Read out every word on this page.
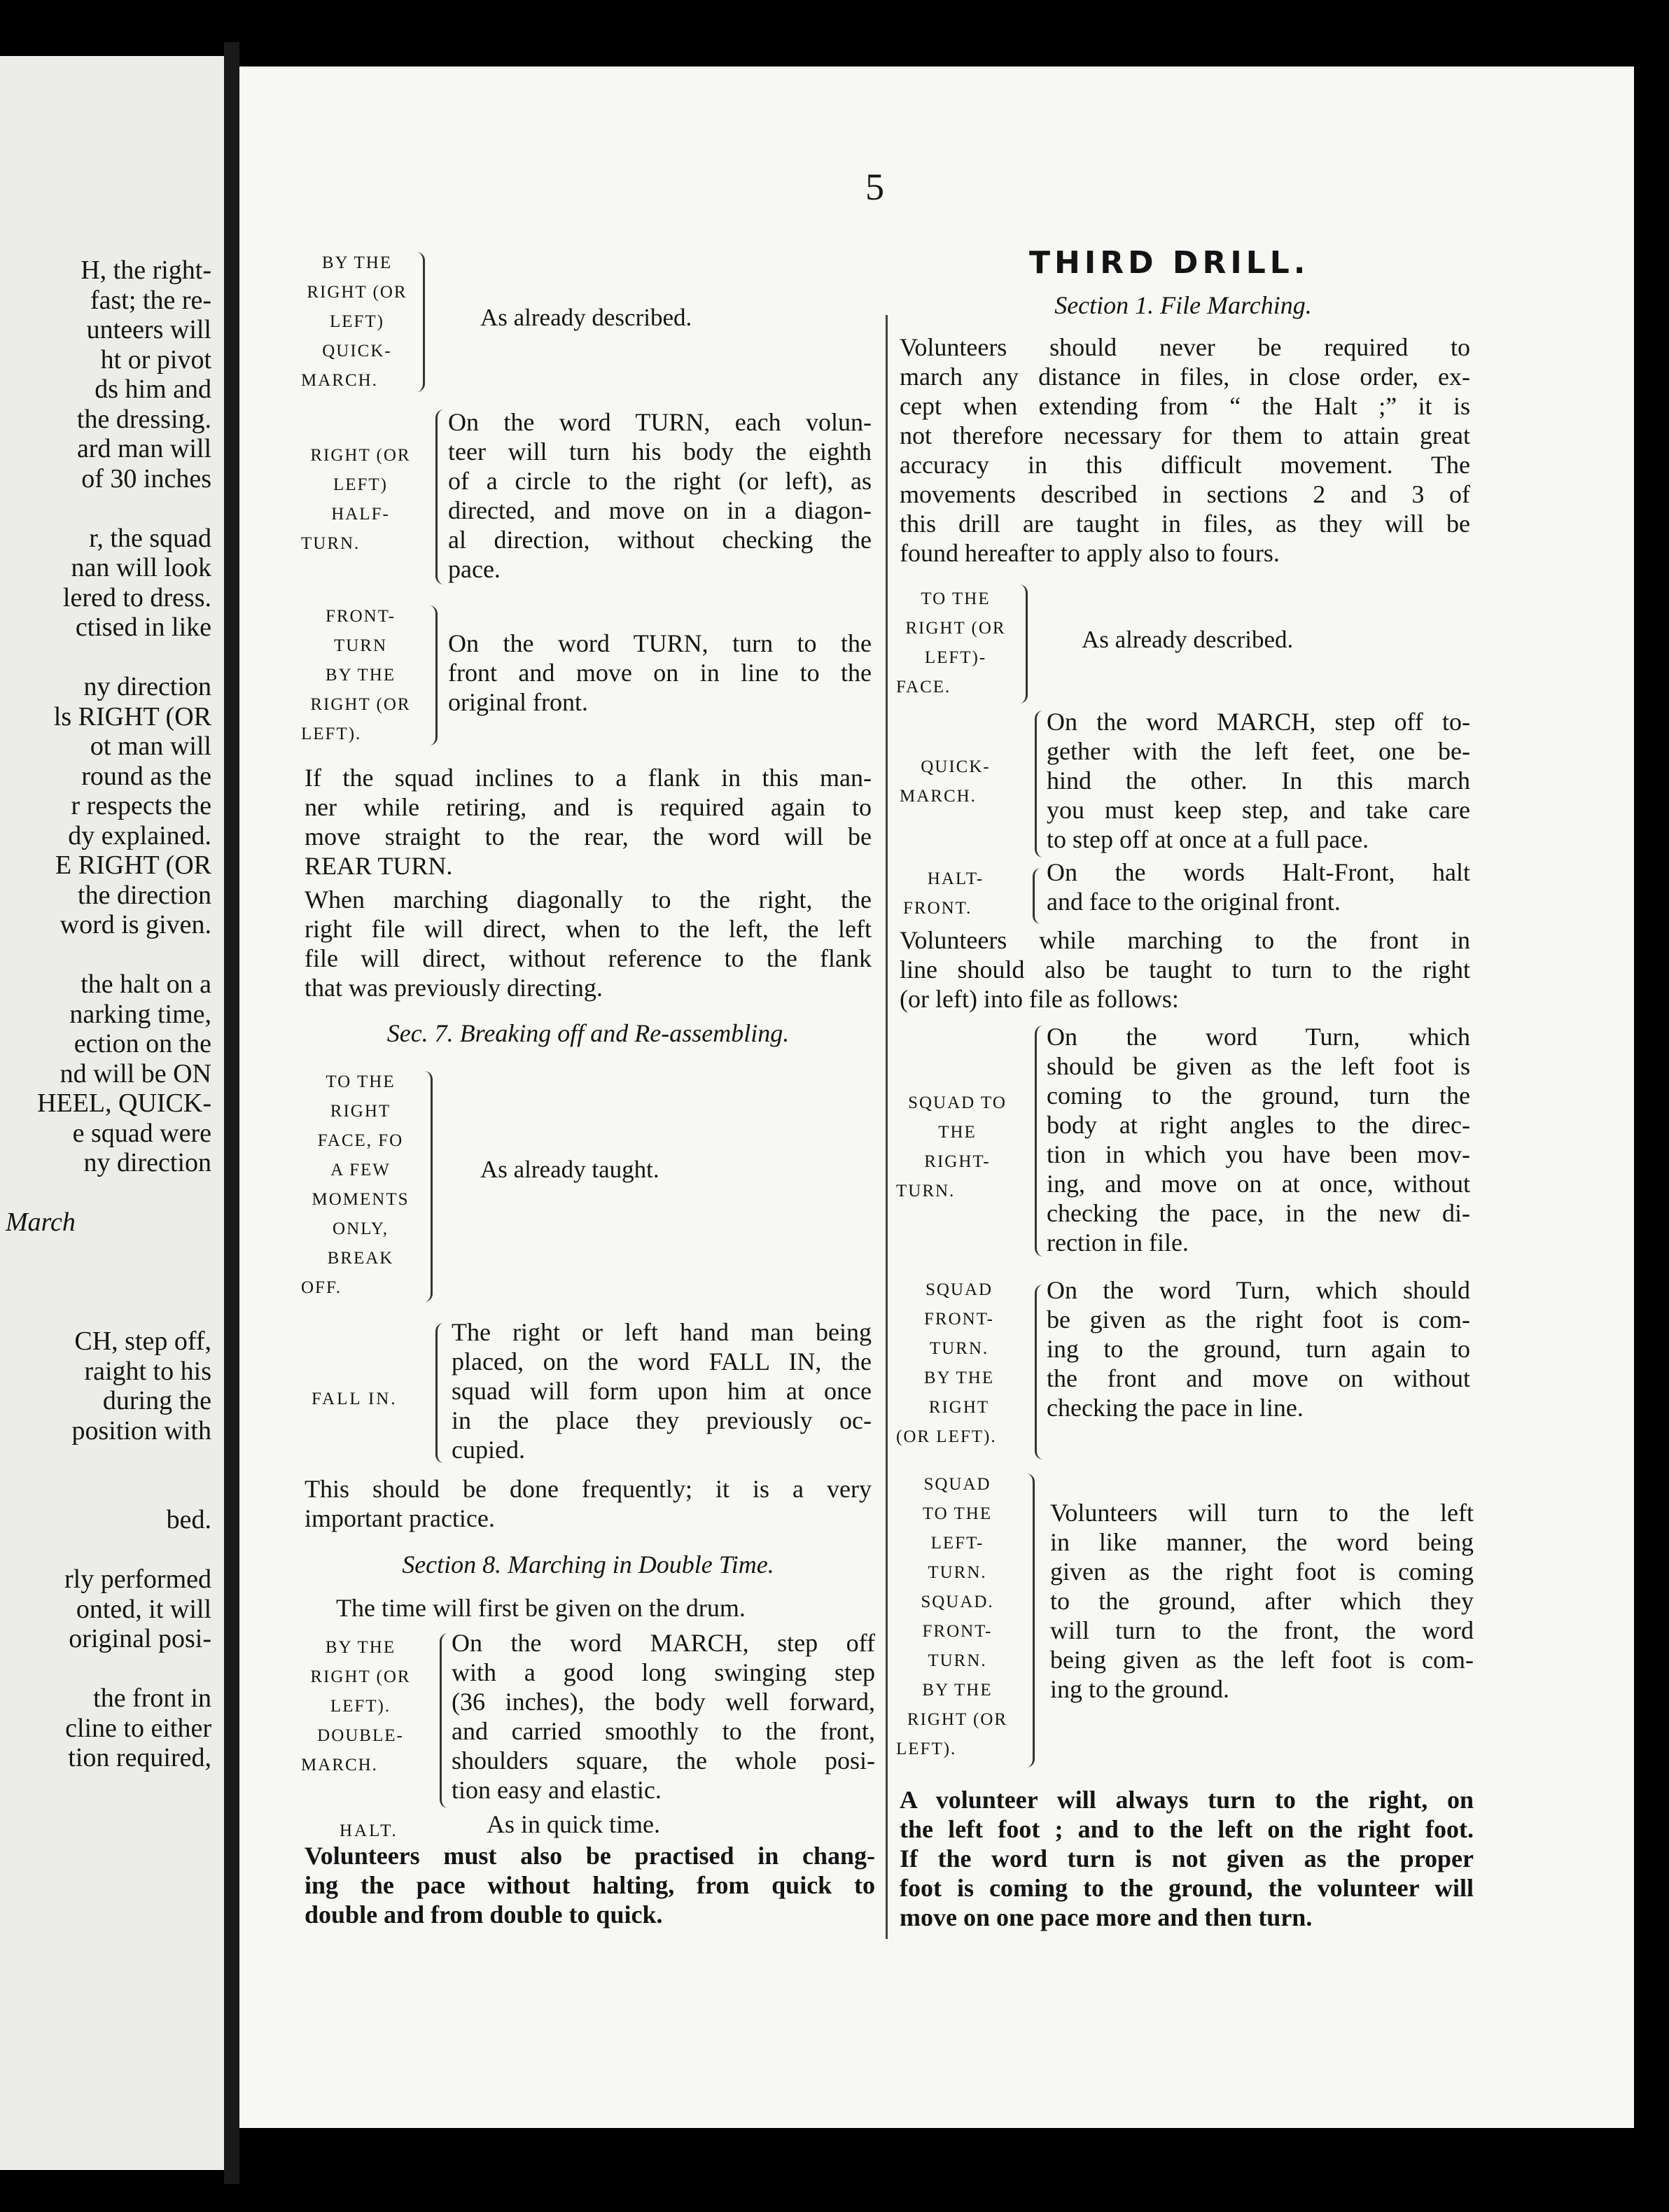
H, the right-
fast; the re-
unteers will
ht or pivot
ds him and
the dressing.
ard man will
of 30 inches
r, the squad
nan will look
lered to dress.
ctised in like
ny direction
ls RIGHT (OR
ot man will
round as the
r respects the
dy explained.
E RIGHT (OR
the direction
word is given.
the halt on a
narking time,
ection on the
nd will be ON
HEEL, QUICK-
e squad were
ny direction
March
CH, step off,
raight to his
during the
position with
bed.
rly performed
onted, it will
original posi-
the front in
cline to either
tion required,
5
BY THE
RIGHT (OR
LEFT)
QUICK-
MARCH.
As already described.
RIGHT (OR
LEFT)
HALF-
TURN.
On the word TURN, each volun-
teer will turn his body the eighth
of a circle to the right (or left), as
directed, and move on in a diagon-
al direction, without checking the
pace.
FRONT-
TURN
BY THE
RIGHT (OR
LEFT).
On the word TURN, turn to the
front and move on in line to the
original front.
If the squad inclines to a flank in this man-
ner while retiring, and is required again to
move straight to the rear, the word will be
REAR TURN.
When marching diagonally to the right, the
right file will direct, when to the left, the left
file will direct, without reference to the flank
that was previously directing.
Sec. 7. Breaking off and Re-assembling.
TO THE
RIGHT
FACE, FO
A FEW
MOMENTS
ONLY,
BREAK
OFF.
As already taught.
FALL IN.
The right or left hand man being
placed, on the word FALL IN, the
squad will form upon him at once
in the place they previously oc-
cupied.
This should be done frequently; it is a very
important practice.
Section 8. Marching in Double Time.
The time will first be given on the drum.
BY THE
RIGHT (OR
LEFT).
DOUBLE-
MARCH.
On the word MARCH, step off
with a good long swinging step
(36 inches), the body well forward,
and carried smoothly to the front,
shoulders square, the whole posi-
tion easy and elastic.
HALT.	As in quick time.
Volunteers must also be practised in chang-
ing the pace without halting, from quick to
double and from double to quick.
THIRD DRILL.
Section 1. File Marching.
Volunteers should never be required to
march any distance in files, in close order, ex-
cept when extending from “ the Halt ;” it is
not therefore necessary for them to attain great
accuracy in this difficult movement. The
movements described in sections 2 and 3 of
this drill are taught in files, as they will be
found hereafter to apply also to fours.
TO THE
RIGHT (OR
LEFT)-
FACE.
As already described.
QUICK-
MARCH.
On the word MARCH, step off to-
gether with the left feet, one be-
hind the other. In this march
you must keep step, and take care
to step off at once at a full pace.
HALT-
FRONT.
On the words Halt-Front, halt
and face to the original front.
Volunteers while marching to the front in
line should also be taught to turn to the right
(or left) into file as follows:
SQUAD TO
THE
RIGHT-
TURN.
On the word Turn, which
should be given as the left foot is
coming to the ground, turn the
body at right angles to the direc-
tion in which you have been mov-
ing, and move on at once, without
checking the pace, in the new di-
rection in file.
SQUAD
FRONT-
TURN.
BY THE
RIGHT
(OR LEFT).
On the word Turn, which should
be given as the right foot is com-
ing to the ground, turn again to
the front and move on without
checking the pace in line.
SQUAD
TO THE
LEFT-
TURN.
SQUAD.
FRONT-
TURN.
BY THE
RIGHT (OR
LEFT).
Volunteers will turn to the left
in like manner, the word being
given as the right foot is coming
to the ground, after which they
will turn to the front, the word
being given as the left foot is com-
ing to the ground.
A volunteer will always turn to the right, on
the left foot ; and to the left on the right foot.
If the word turn is not given as the proper
foot is coming to the ground, the volunteer will
move on one pace more and then turn.
